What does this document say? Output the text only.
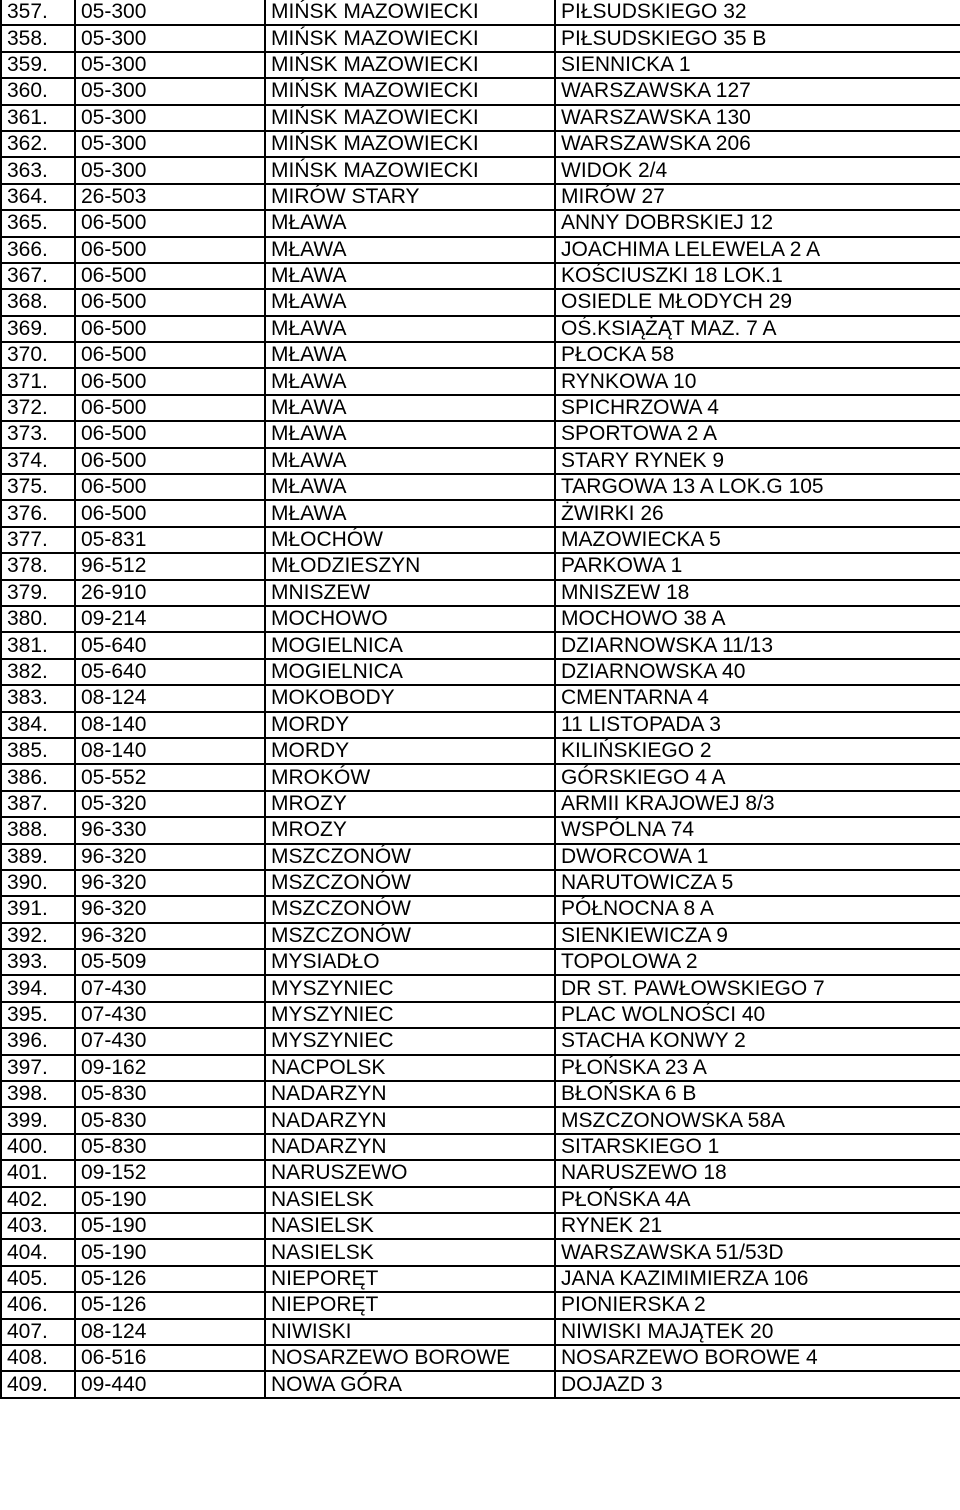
357.	05-300	MIŃSK MAZOWIECKI	PIŁSUDSKIEGO 32
358.	05-300	MIŃSK MAZOWIECKI	PIŁSUDSKIEGO 35 B
359.	05-300	MIŃSK MAZOWIECKI	SIENNICKA 1
360.	05-300	MIŃSK MAZOWIECKI	WARSZAWSKA 127
361.	05-300	MIŃSK MAZOWIECKI	WARSZAWSKA 130
362.	05-300	MIŃSK MAZOWIECKI	WARSZAWSKA 206
363.	05-300	MIŃSK MAZOWIECKI	WIDOK 2/4
364.	26-503	MIRÓW STARY	MIRÓW 27
365.	06-500	MŁAWA	ANNY DOBRSKIEJ 12
366.	06-500	MŁAWA	JOACHIMA LELEWELA 2 A
367.	06-500	MŁAWA	KOŚCIUSZKI 18 LOK.1
368.	06-500	MŁAWA	OSIEDLE MŁODYCH 29
369.	06-500	MŁAWA	OŚ.KSIĄŻĄT MAZ. 7 A
370.	06-500	MŁAWA	PŁOCKA 58
371.	06-500	MŁAWA	RYNKOWA 10
372.	06-500	MŁAWA	SPICHRZOWA 4
373.	06-500	MŁAWA	SPORTOWA 2 A
374.	06-500	MŁAWA	STARY RYNEK 9
375.	06-500	MŁAWA	TARGOWA 13 A LOK.G 105
376.	06-500	MŁAWA	ŻWIRKI 26
377.	05-831	MŁOCHÓW	MAZOWIECKA 5
378.	96-512	MŁODZIESZYN	PARKOWA 1
379.	26-910	MNISZEW	MNISZEW 18
380.	09-214	MOCHOWO	MOCHOWO 38 A
381.	05-640	MOGIELNICA	DZIARNOWSKA 11/13
382.	05-640	MOGIELNICA	DZIARNOWSKA 40
383.	08-124	MOKOBODY	CMENTARNA 4
384.	08-140	MORDY	11 LISTOPADA 3
385.	08-140	MORDY	KILIŃSKIEGO 2
386.	05-552	MROKÓW	GÓRSKIEGO 4 A
387.	05-320	MROZY	ARMII KRAJOWEJ 8/3
388.	96-330	MROZY	WSPÓLNA 74
389.	96-320	MSZCZONÓW	DWORCOWA 1
390.	96-320	MSZCZONÓW	NARUTOWICZA 5
391.	96-320	MSZCZONÓW	PÓŁNOCNA 8 A
392.	96-320	MSZCZONÓW	SIENKIEWICZA 9
393.	05-509	MYSIADŁO	TOPOLOWA 2
394.	07-430	MYSZYNIEC	DR ST. PAWŁOWSKIEGO 7
395.	07-430	MYSZYNIEC	PLAC WOLNOŚCI 40
396.	07-430	MYSZYNIEC	STACHA KONWY 2
397.	09-162	NACPOLSK	PŁOŃSKA 23 A
398.	05-830	NADARZYN	BŁOŃSKA 6 B
399.	05-830	NADARZYN	MSZCZONOWSKA 58A
400.	05-830	NADARZYN	SITARSKIEGO 1
401.	09-152	NARUSZEWO	NARUSZEWO 18
402.	05-190	NASIELSK	PŁOŃSKA 4A
403.	05-190	NASIELSK	RYNEK 21
404.	05-190	NASIELSK	WARSZAWSKA 51/53D
405.	05-126	NIEPORĘT	JANA KAZIMIMIERZA 106
406.	05-126	NIEPORĘT	PIONIERSKA 2
407.	08-124	NIWISKI	NIWISKI MAJĄTEK 20
408.	06-516	NOSARZEWO BOROWE	NOSARZEWO BOROWE 4
409.	09-440	NOWA GÓRA	DOJAZD 3
